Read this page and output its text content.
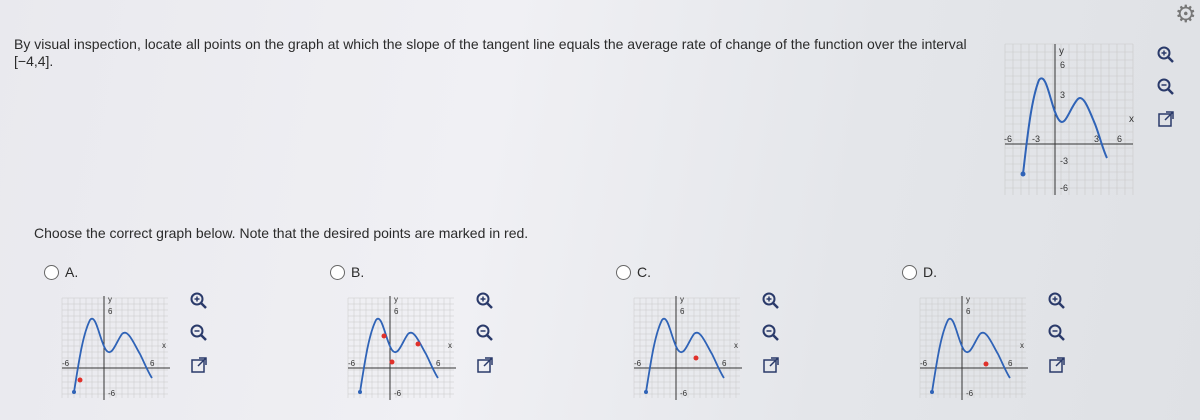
By visual inspection, locate all points on the graph at which the slope of the tangent line equals the average rate of change of the function over the interval [−4,4].
⚙
y
x
-6 -3	3 6
6
3
-3
-6
Choose the correct graph below. Note that the desired points are marked in red.
A.	B.	C.	D.
-6	6
6
-6
y
x
-6	6
6
-6
y
x
-6	6
6
-6
y
x
-6	6
6
-6
y
x
